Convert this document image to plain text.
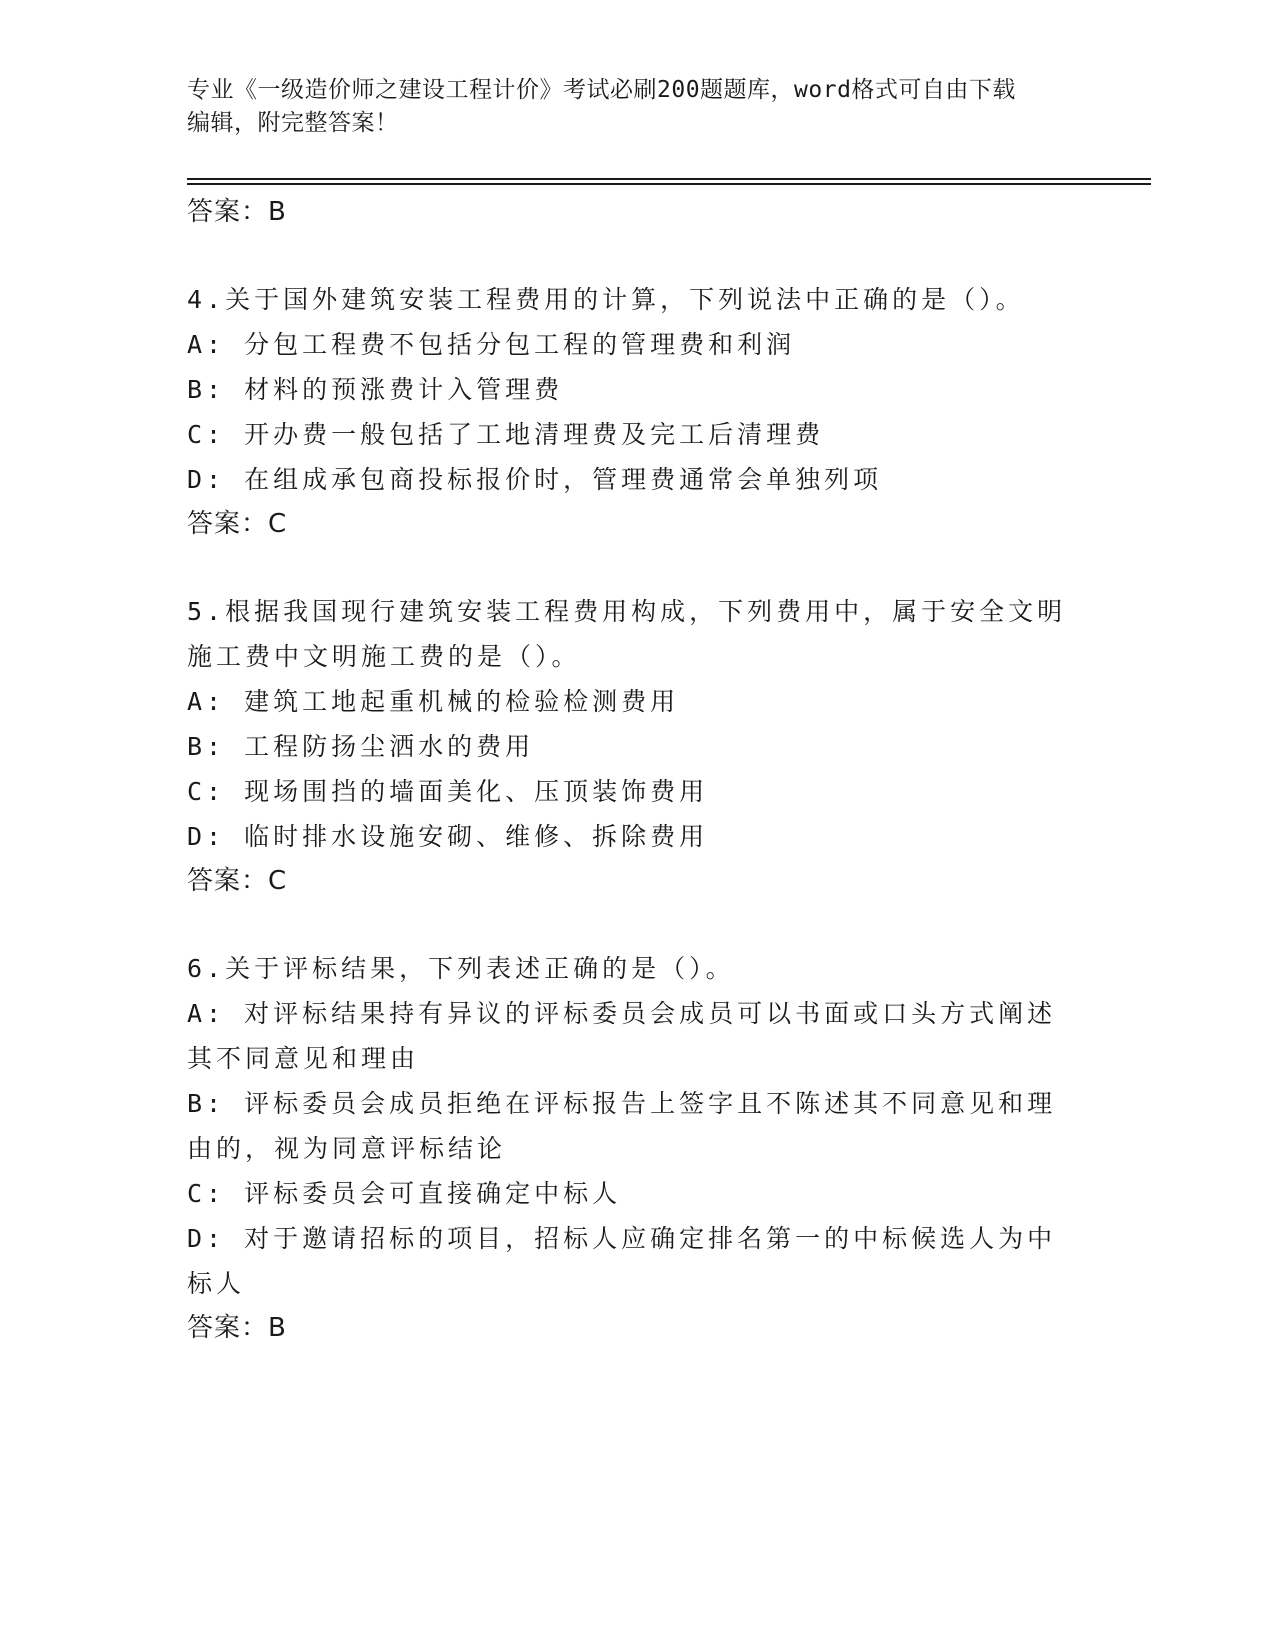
专业《一级造价师之建设工程计价》考试必刷200题题库，word格式可自由下载
编辑，附完整答案！

答案：B

4.关于国外建筑安装工程费用的计算，下列说法中正确的是（）。

A: 分包工程费不包括分包工程的管理费和利润

B: 材料的预涨费计入管理费

C: 开办费一般包括了工地清理费及完工后清理费

D: 在组成承包商投标报价时，管理费通常会单独列项

答案：C

5.根据我国现行建筑安装工程费用构成，下列费用中，属于安全文明施工费中文明施工费的是（）。

A: 建筑工地起重机械的检验检测费用

B: 工程防扬尘洒水的费用

C: 现场围挡的墙面美化、压顶装饰费用

D: 临时排水设施安砌、维修、拆除费用

答案：C

6.关于评标结果，下列表述正确的是（）。

A: 对评标结果持有异议的评标委员会成员可以书面或口头方式阐述其不同意见和理由

B: 评标委员会成员拒绝在评标报告上签字且不陈述其不同意见和理由的，视为同意评标结论

C: 评标委员会可直接确定中标人

D: 对于邀请招标的项目，招标人应确定排名第一的中标候选人为中标人

答案：B
